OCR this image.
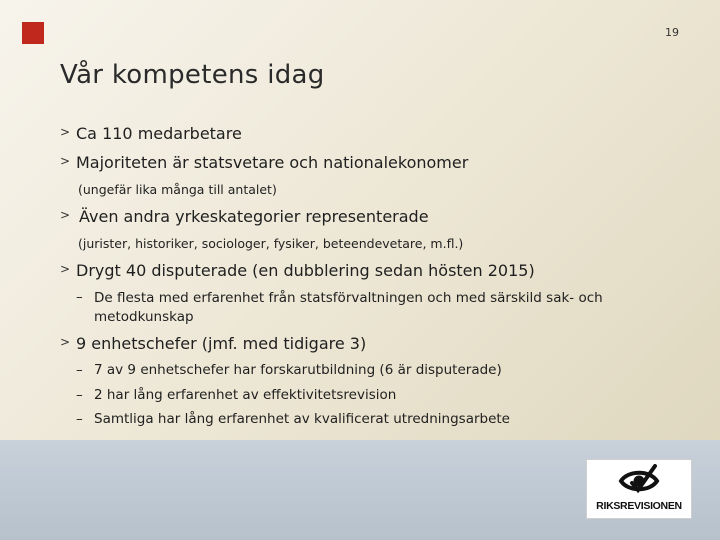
19
Vår kompetens idag
> Ca 110 medarbetare
> Majoriteten är statsvetare och nationalekonomer
(ungefär lika många till antalet)
> Även andra yrkeskategorier representerade
(jurister, historiker, sociologer, fysiker, beteendevetare, m.fl.)
> Drygt 40 disputerade (en dubblering sedan hösten 2015)
– De flesta med erfarenhet från statsförvaltningen och med särskild sak- och metodkunskap
> 9 enhetschefer (jmf. med tidigare 3)
– 7 av 9 enhetschefer har forskarutbildning (6 är disputerade)
– 2 har lång erfarenhet av effektivitetsrevision
– Samtliga har lång erfarenhet av kvalificerat utredningsarbete
RIKSREVISIONEN
